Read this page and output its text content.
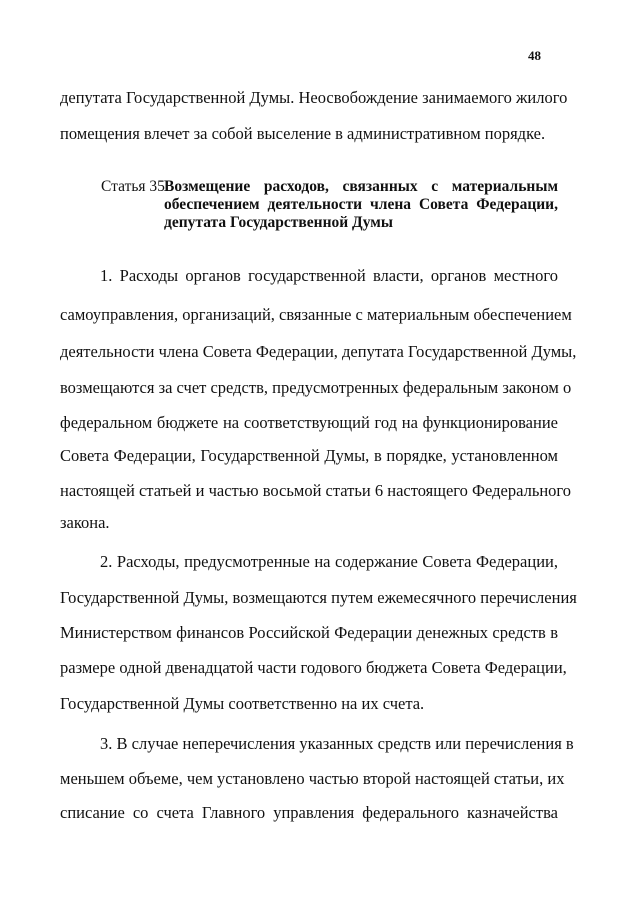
48
депутата Государственной Думы. Неосвобождение занимаемого жилого
помещения влечет за собой выселение в административном порядке.
Статья 35.
Возмещение расходов, связанных с материальным
обеспечением деятельности члена Совета Федерации,
депутата Государственной Думы
1. Расходы органов государственной власти, органов местного
самоуправления, организаций, связанные с материальным обеспечением
деятельности члена Совета Федерации, депутата Государственной Думы,
возмещаются за счет средств, предусмотренных федеральным законом о
федеральном бюджете на соответствующий год на функционирование
Совета Федерации, Государственной Думы, в порядке, установленном
настоящей статьей и частью восьмой статьи 6 настоящего Федерального
закона.
2. Расходы, предусмотренные на содержание Совета Федерации,
Государственной Думы, возмещаются путем ежемесячного перечисления
Министерством финансов Российской Федерации денежных средств в
размере одной двенадцатой части годового бюджета Совета Федерации,
Государственной Думы соответственно на их счета.
3. В случае неперечисления указанных средств или перечисления в
меньшем объеме, чем установлено частью второй настоящей статьи, их
списание со счета Главного управления федерального казначейства
